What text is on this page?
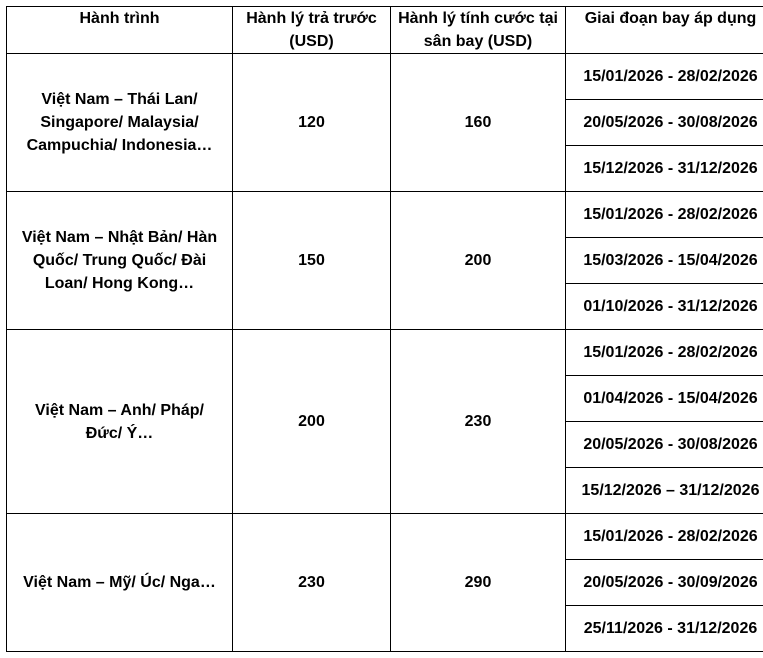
Hành trình	Hành lý trả trước (USD)	Hành lý tính cước tại sân bay (USD)	Giai đoạn bay áp dụng
Việt Nam – Thái Lan/ Singapore/ Malaysia/ Campuchia/ Indonesia…	120	160	15/01/2026 - 28/02/2026
			20/05/2026 - 30/08/2026
			15/12/2026 - 31/12/2026
Việt Nam – Nhật Bản/ Hàn Quốc/ Trung Quốc/ Đài Loan/ Hong Kong…	150	200	15/01/2026 - 28/02/2026
			15/03/2026 - 15/04/2026
			01/10/2026 - 31/12/2026
Việt Nam – Anh/ Pháp/ Đức/ Ý…	200	230	15/01/2026 - 28/02/2026
			01/04/2026 - 15/04/2026
			20/05/2026 - 30/08/2026
			15/12/2026 – 31/12/2026
Việt Nam – Mỹ/ Úc/ Nga…	230	290	15/01/2026 - 28/02/2026
			20/05/2026 - 30/09/2026
			25/11/2026 - 31/12/2026
